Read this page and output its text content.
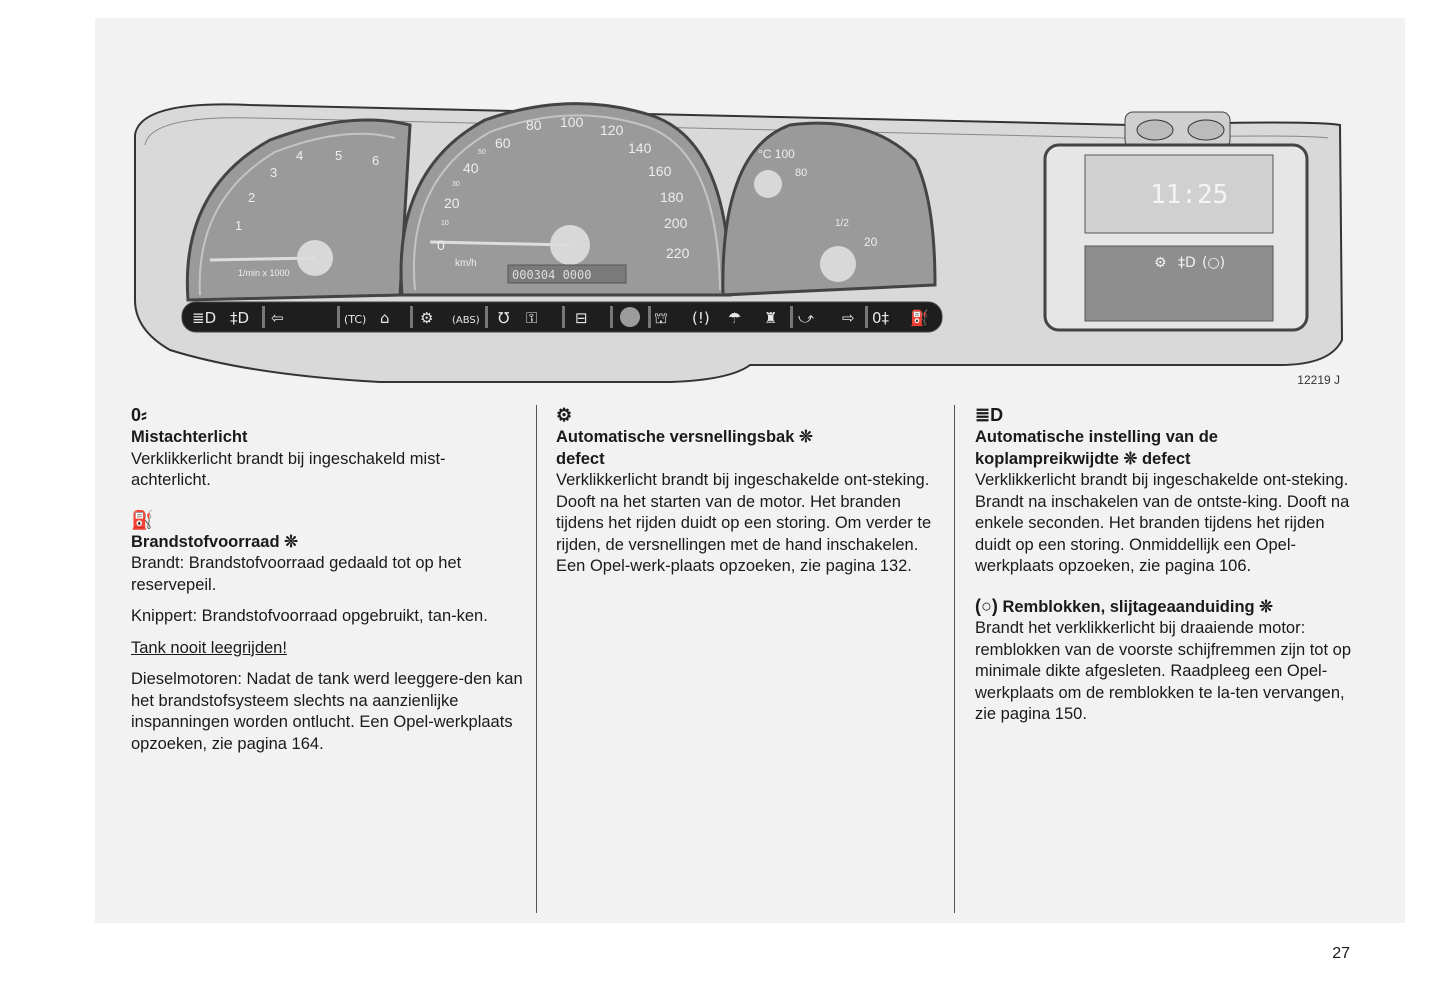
1
2
3
4 5 6
1/min x 1000
0
20
40
60
80 100 120
140
160
180
200
220
10
30
50
km/h
000304 0000
°C 100
80
1/2
20
≣D ‡D ⇦	(TC) ⌂ ⚙ (ABS) ℧ ⚿	⊟	⛫ (!) ☂ ♜ ⤻ ⇨ 0‡ ⛽
11:25
⚙ ‡D (○)
12219 J
0⸗
Mistachterlicht
Verklikkerlicht brandt bij ingeschakeld mist-achterlicht.
⛽
Brandstofvoorraad ❊

Brandt: Brandstofvoorraad gedaald tot op het reservepeil.

Knippert: Brandstofvoorraad opgebruikt, tan-ken.

Tank nooit leegrijden!

Dieselmotoren: Nadat de tank werd leeggere-den kan het brandstofsysteem slechts na aanzienlijke inspanningen worden ontlucht. Een Opel-werkplaats opzoeken, zie pagina 164.

⚙
Automatische versnellingsbak ❊
defect
Verklikkerlicht brandt bij ingeschakelde ont-steking. Dooft na het starten van de motor. Het branden tijdens het rijden duidt op een storing. Om verder te rijden, de versnellingen met de hand inschakelen. Een Opel-werk-plaats opzoeken, zie pagina 132.
≣D
Automatische instelling van de
koplampreikwijdte ❊ defect
Verklikkerlicht brandt bij ingeschakelde ont-steking. Brandt na inschakelen van de ontste-king. Dooft na enkele seconden. Het branden tijdens het rijden duidt op een storing. Onmiddellijk een Opel-werkplaats opzoeken, zie pagina 106.
(○) Remblokken, slijtageaanduiding ❊
Brandt het verklikkerlicht bij draaiende motor: remblokken van de voorste schijfremmen zijn tot op minimale dikte afgesleten. Raadpleeg een Opel-werkplaats om de remblokken te la-ten vervangen, zie pagina 150.
27
